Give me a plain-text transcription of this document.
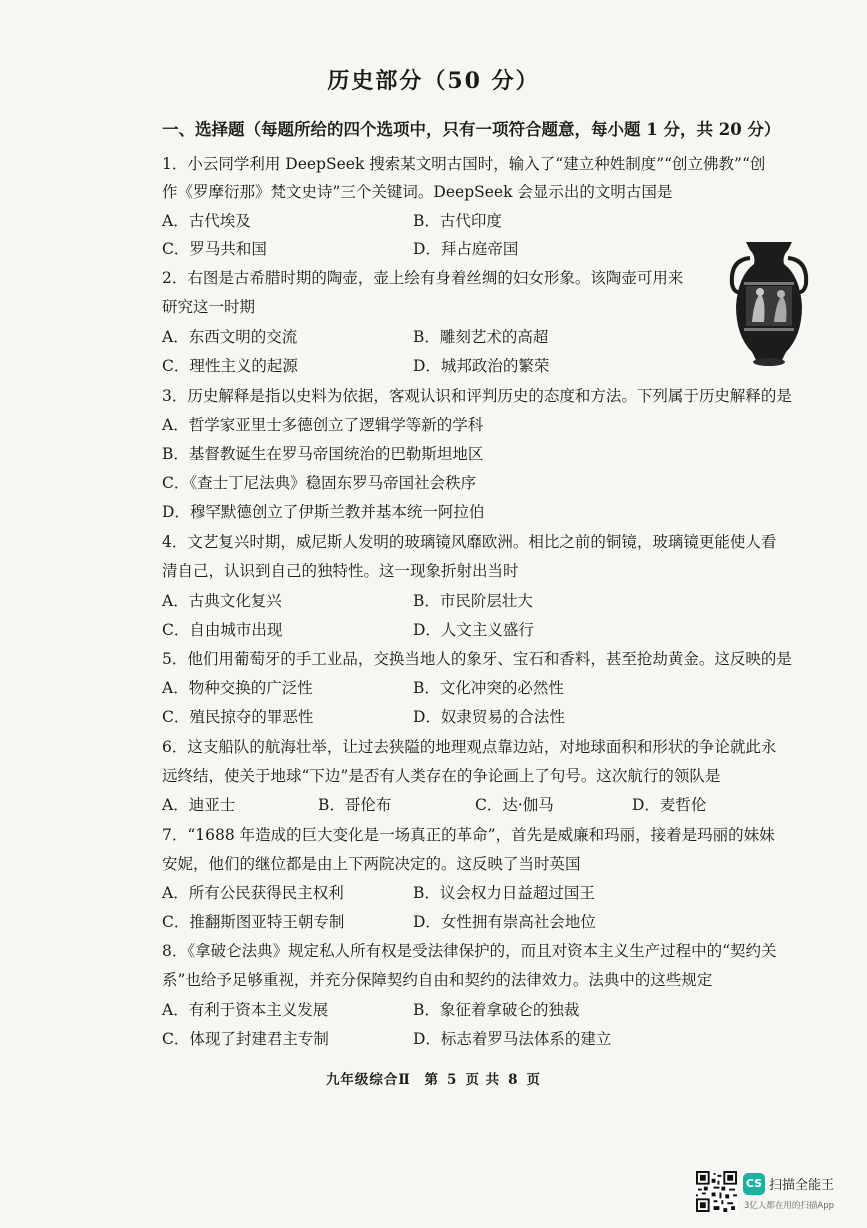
历史部分（50 分）
一、选择题（每题所给的四个选项中，只有一项符合题意，每小题 1 分，共 20 分）
1．小云同学利用 DeepSeek 搜索某文明古国时，输入了“建立种姓制度”“创立佛教”“创
作《罗摩衍那》梵文史诗”三个关键词。DeepSeek 会显示出的文明古国是
A．古代埃及	B．古代印度
C．罗马共和国	D．拜占庭帝国
2．右图是古希腊时期的陶壶，壶上绘有身着丝绸的妇女形象。该陶壶可用来
研究这一时期
A．东西文明的交流	B．雕刻艺术的高超
C．理性主义的起源	D．城邦政治的繁荣
3．历史解释是指以史料为依据，客观认识和评判历史的态度和方法。下列属于历史解释的是
A．哲学家亚里士多德创立了逻辑学等新的学科
B．基督教诞生在罗马帝国统治的巴勒斯坦地区
C．《查士丁尼法典》稳固东罗马帝国社会秩序
D．穆罕默德创立了伊斯兰教并基本统一阿拉伯
4．文艺复兴时期，威尼斯人发明的玻璃镜风靡欧洲。相比之前的铜镜，玻璃镜更能使人看
清自己，认识到自己的独特性。这一现象折射出当时
A．古典文化复兴	B．市民阶层壮大
C．自由城市出现	D．人文主义盛行
5．他们用葡萄牙的手工业品，交换当地人的象牙、宝石和香料，甚至抢劫黄金。这反映的是
A．物种交换的广泛性	B．文化冲突的必然性
C．殖民掠夺的罪恶性	D．奴隶贸易的合法性
6．这支船队的航海壮举，让过去狭隘的地理观点靠边站，对地球面积和形状的争论就此永
远终结，使关于地球“下边”是否有人类存在的争论画上了句号。这次航行的领队是
A．迪亚士	B．哥伦布	C．达·伽马	D．麦哲伦
7．“1688 年造成的巨大变化是一场真正的革命”，首先是威廉和玛丽，接着是玛丽的妹妹
安妮，他们的继位都是由上下两院决定的。这反映了当时英国
A．所有公民获得民主权利	B．议会权力日益超过国王
C．推翻斯图亚特王朝专制	D．女性拥有崇高社会地位
8．《拿破仑法典》规定私人所有权是受法律保护的，而且对资本主义生产过程中的“契约关
系”也给予足够重视，并充分保障契约自由和契约的法律效力。法典中的这些规定
A．有利于资本主义发展	B．象征着拿破仑的独裁
C．体现了封建君主专制	D．标志着罗马法体系的建立
九年级综合Ⅱ 第 5 页 共 8 页
CS 扫描全能王
3亿人都在用的扫描App
